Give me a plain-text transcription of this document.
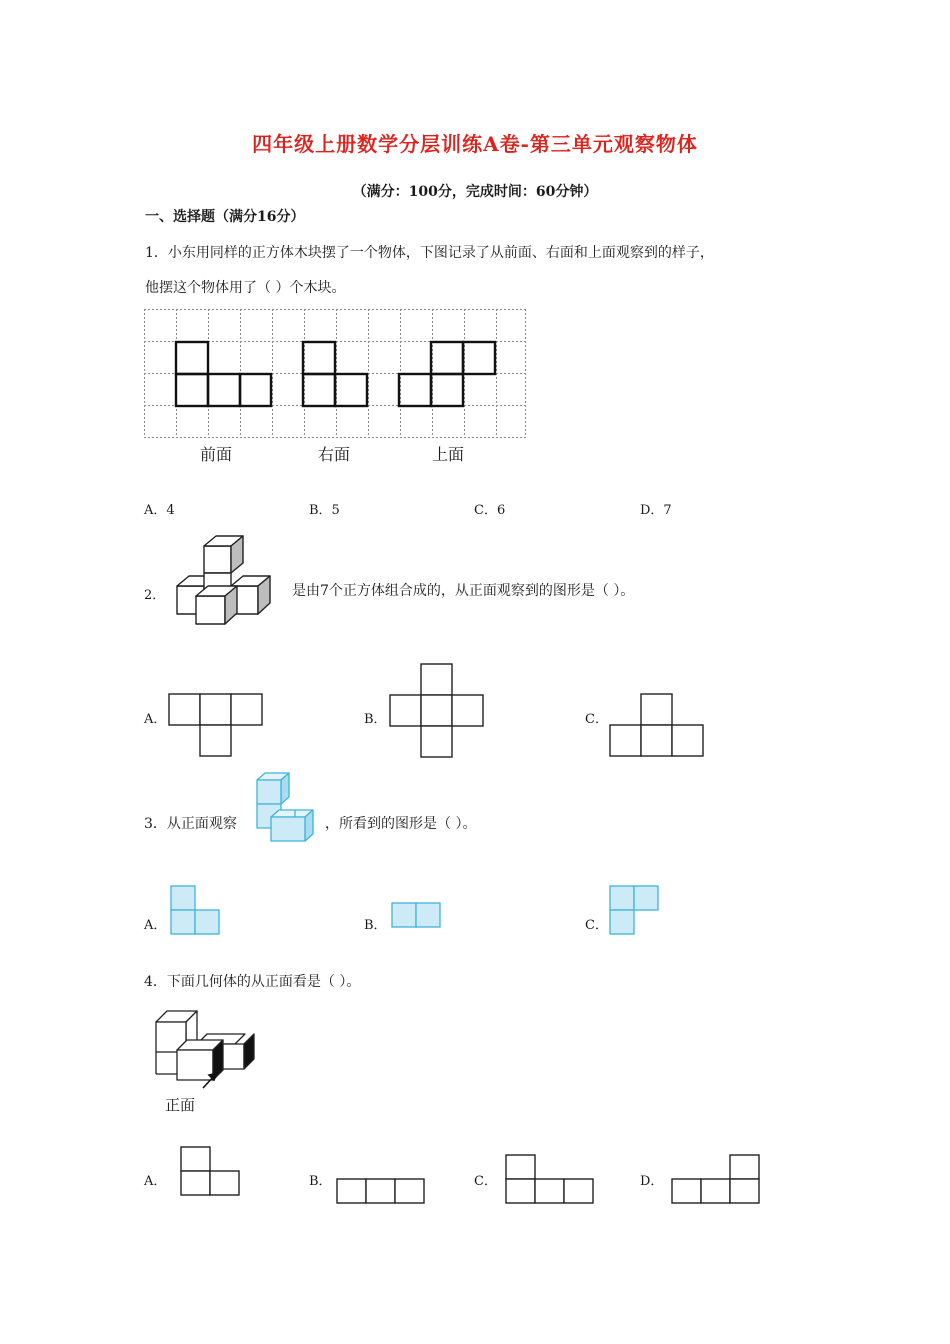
四年级上册数学分层训练A卷-第三单元观察物体
（满分：100分，完成时间：60分钟）
一、选择题（满分16分）
1．小东用同样的正方体木块摆了一个物体，下图记录了从前面、右面和上面观察到的样子，
他摆这个物体用了（ ）个木块。
前面	右面	上面
A．4	B．5	C．6	D．7
2．	是由7个正方体组合成的，从正面观察到的图形是（ ）。
A．	B．	C．
3．从正面观察	，所看到的图形是（ ）。
A．	B．	C．
4．下面几何体的从正面看是（ ）。
正面
A．	B．	C．	D．
